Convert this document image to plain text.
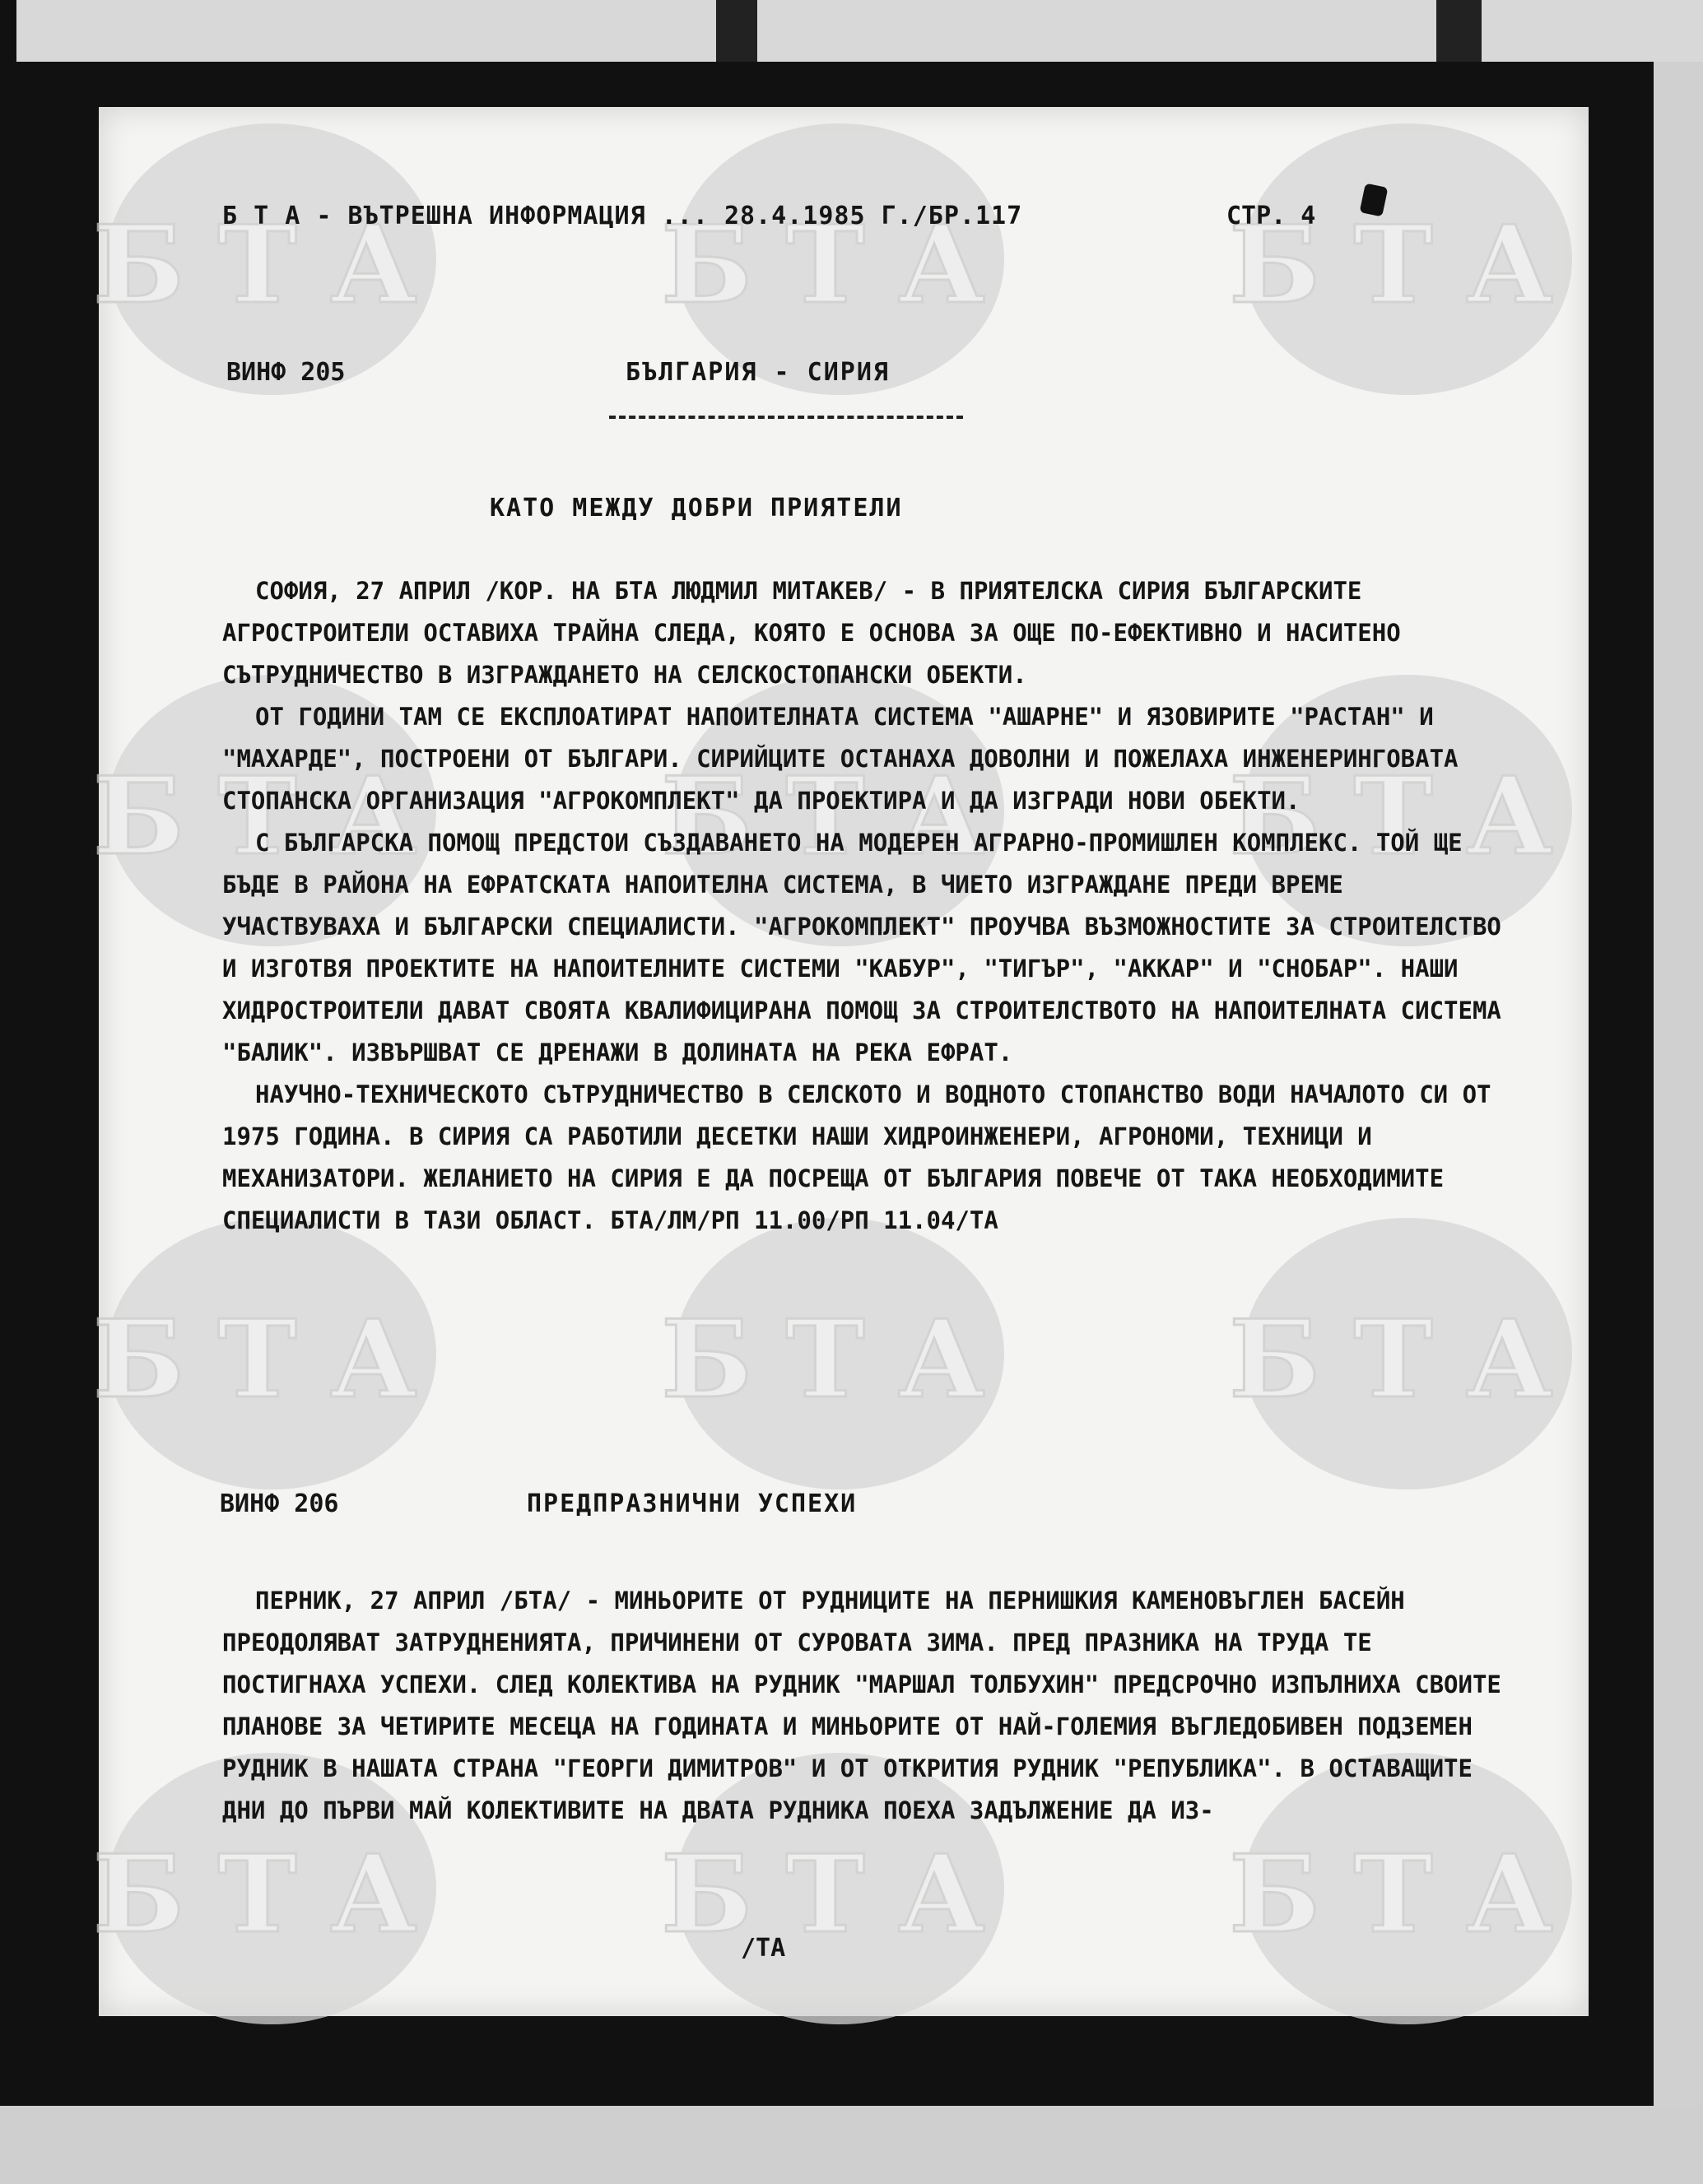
БТА
БТА
БТА
БТА
БТА
БТА
БТА
БТА
БТА
БТА
БТА
БТА
Б Т А - ВЪТРЕШНА ИНФОРМАЦИЯ ... 28.4.1985 Г./БР.117	СТР. 4
ВИНФ 205	БЪЛГАРИЯ - СИРИЯ
КАТО МЕЖДУ ДОБРИ ПРИЯТЕЛИ
СОФИЯ, 27 АПРИЛ /КОР. НА БТА ЛЮДМИЛ МИТАКЕВ/ - В ПРИЯТЕЛСКА СИРИЯ БЪЛГАРСКИТЕ АГРОСТРОИТЕЛИ ОСТАВИХА ТРАЙНА СЛЕДА, КОЯТО Е ОСНОВА ЗА ОЩЕ ПО-ЕФЕКТИВНО И НАСИТЕНО СЪТРУДНИЧЕСТВО В ИЗГРАЖДАНЕТО НА СЕЛСКОСТОПАНСКИ ОБЕКТИ.
ОТ ГОДИНИ ТАМ СЕ ЕКСПЛОАТИРАТ НАПОИТЕЛНАТА СИСТЕМА "АШАРНЕ" И ЯЗОВИРИТЕ "РАСТАН" И "МАХАРДЕ", ПОСТРОЕНИ ОТ БЪЛГАРИ. СИРИЙЦИТЕ ОСТАНАХА ДОВОЛНИ И ПОЖЕЛАХА ИНЖЕНЕРИНГОВАТА СТОПАНСКА ОРГАНИЗАЦИЯ "АГРОКОМПЛЕКТ" ДА ПРОЕКТИРА И ДА ИЗГРАДИ НОВИ ОБЕКТИ.
С БЪЛГАРСКА ПОМОЩ ПРЕДСТОИ СЪЗДАВАНЕТО НА МОДЕРЕН АГРАРНО-ПРОМИШЛЕН КОМПЛЕКС. ТОЙ ЩЕ БЪДЕ В РАЙОНА НА ЕФРАТСКАТА НАПОИТЕЛНА СИСТЕМА, В ЧИЕТО ИЗГРАЖДАНЕ ПРЕДИ ВРЕМЕ УЧАСТВУВАХА И БЪЛГАРСКИ СПЕЦИАЛИСТИ. "АГРОКОМПЛЕКТ" ПРОУЧВА ВЪЗМОЖНОСТИТЕ ЗА СТРОИТЕЛСТВО И ИЗГОТВЯ ПРОЕКТИТЕ НА НАПОИТЕЛНИТЕ СИСТЕМИ "КАБУР", "ТИГЪР", "АККАР" И "СНОБАР". НАШИ ХИДРОСТРОИТЕЛИ ДАВАТ СВОЯТА КВАЛИФИЦИРАНА ПОМОЩ ЗА СТРОИТЕЛСТВОТО НА НАПОИТЕЛНАТА СИСТЕМА "БАЛИК". ИЗВЪРШВАТ СЕ ДРЕНАЖИ В ДОЛИНАТА НА РЕКА ЕФРАТ.
НАУЧНО-ТЕХНИЧЕСКОТО СЪТРУДНИЧЕСТВО В СЕЛСКОТО И ВОДНОТО СТОПАНСТВО ВОДИ НАЧАЛОТО СИ ОТ 1975 ГОДИНА. В СИРИЯ СА РАБОТИЛИ ДЕСЕТКИ НАШИ ХИДРОИНЖЕНЕРИ, АГРОНОМИ, ТЕХНИЦИ И МЕХАНИЗАТОРИ. ЖЕЛАНИЕТО НА СИРИЯ Е ДА ПОСРЕЩА ОТ БЪЛГАРИЯ ПОВЕЧЕ ОТ ТАКА НЕОБХОДИМИТЕ СПЕЦИАЛИСТИ В ТАЗИ ОБЛАСТ. БТА/ЛМ/РП 11.00/РП 11.04/ТА
ВИНФ 206	ПРЕДПРАЗНИЧНИ УСПЕХИ
ПЕРНИК, 27 АПРИЛ /БТА/ - МИНЬОРИТЕ ОТ РУДНИЦИТЕ НА ПЕРНИШКИЯ КАМЕНОВЪГЛЕН БАСЕЙН ПРЕОДОЛЯВАТ ЗАТРУДНЕНИЯТА, ПРИЧИНЕНИ ОТ СУРОВАТА ЗИМА. ПРЕД ПРАЗНИКА НА ТРУДА ТЕ ПОСТИГНАХА УСПЕХИ. СЛЕД КОЛЕКТИВА НА РУДНИК "МАРШАЛ ТОЛБУХИН" ПРЕДСРОЧНО ИЗПЪЛНИХА СВОИТЕ ПЛАНОВЕ ЗА ЧЕТИРИТЕ МЕСЕЦА НА ГОДИНАТА И МИНЬОРИТЕ ОТ НАЙ-ГОЛЕМИЯ ВЪГЛЕДОБИВЕН ПОДЗЕМЕН РУДНИК В НАШАТА СТРАНА "ГЕОРГИ ДИМИТРОВ" И ОТ ОТКРИТИЯ РУДНИК "РЕПУБЛИКА". В ОСТАВАЩИТЕ ДНИ ДО ПЪРВИ МАЙ КОЛЕКТИВИТЕ НА ДВАТА РУДНИКА ПОЕХА ЗАДЪЛЖЕНИЕ ДА ИЗ-
/ТА
